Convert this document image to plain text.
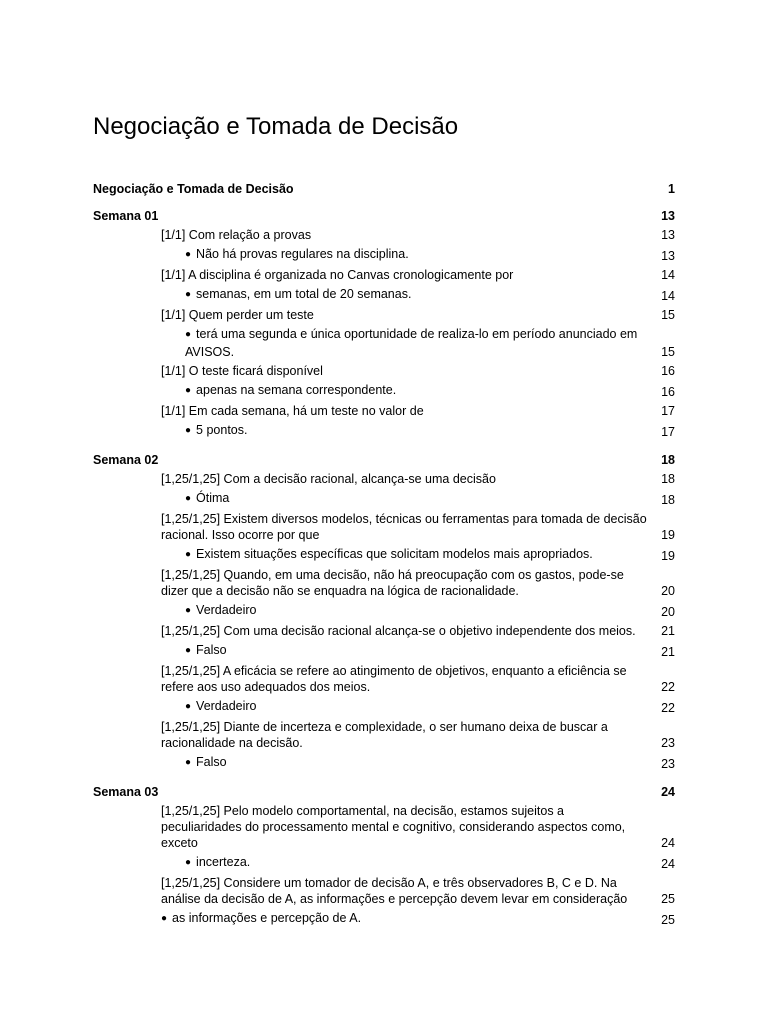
Negociação e Tomada de Decisão
Negociação e Tomada de Decisão	1
Semana 01	13
[1/1] Com relação a provas	13
● Não há provas regulares na disciplina.	13
[1/1] A disciplina é organizada no Canvas cronologicamente por	14
● semanas, em um total de 20 semanas.	14
[1/1] Quem perder um teste	15
● terá uma segunda e única oportunidade de realiza-lo em período anunciado em AVISOS.	15
[1/1] O teste ficará disponível	16
● apenas na semana correspondente.	16
[1/1] Em cada semana, há um teste no valor de	17
● 5 pontos.	17
Semana 02	18
[1,25/1,25] Com a decisão racional, alcança-se uma decisão	18
● Ótima	18
[1,25/1,25] Existem diversos modelos, técnicas ou ferramentas para tomada de decisão racional. Isso ocorre por que	19
● Existem situações específicas que solicitam modelos mais apropriados.	19
[1,25/1,25] Quando, em uma decisão, não há preocupação com os gastos, pode-se dizer que a decisão não se enquadra na lógica de racionalidade.	20
● Verdadeiro	20
[1,25/1,25] Com uma decisão racional alcança-se o objetivo independente dos meios.	21
● Falso	21
[1,25/1,25] A eficácia se refere ao atingimento de objetivos, enquanto a eficiência se refere aos uso adequados dos meios.	22
● Verdadeiro	22
[1,25/1,25] Diante de incerteza e complexidade, o ser humano deixa de buscar a racionalidade na decisão.	23
● Falso	23
Semana 03	24
[1,25/1,25] Pelo modelo comportamental, na decisão, estamos sujeitos a peculiaridades do processamento mental e cognitivo, considerando aspectos como, exceto	24
● incerteza.	24
[1,25/1,25] Considere um tomador de decisão A, e três observadores B, C e D. Na análise da decisão de A, as informações e percepção devem levar em consideração	25
● as informações e percepção de A.	25
